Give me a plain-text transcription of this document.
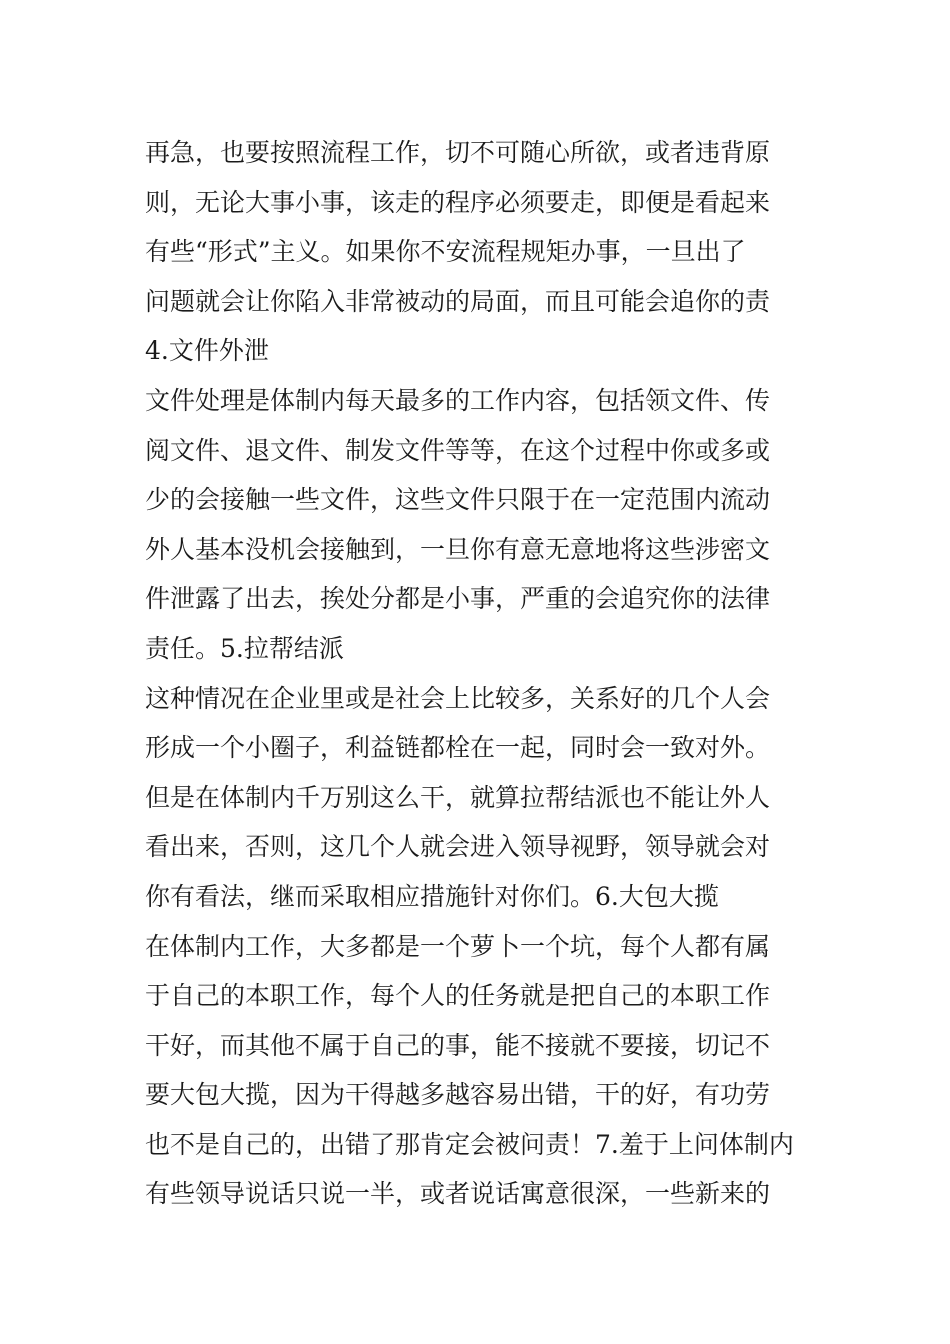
再急，也要按照流程工作，切不可随心所欲，或者违背原
则，无论大事小事，该走的程序必须要走，即便是看起来
有些“形式”主义。如果你不安流程规矩办事，一旦出了
问题就会让你陷入非常被动的局面，而且可能会追你的责
4.文件外泄
文件处理是体制内每天最多的工作内容，包括领文件、传
阅文件、退文件、制发文件等等，在这个过程中你或多或
少的会接触一些文件，这些文件只限于在一定范围内流动
外人基本没机会接触到，一旦你有意无意地将这些涉密文
件泄露了出去，挨处分都是小事，严重的会追究你的法律
责任。5.拉帮结派
这种情况在企业里或是社会上比较多，关系好的几个人会
形成一个小圈子，利益链都栓在一起，同时会一致对外。
但是在体制内千万别这么干，就算拉帮结派也不能让外人
看出来，否则，这几个人就会进入领导视野，领导就会对
你有看法，继而采取相应措施针对你们。6.大包大揽
在体制内工作，大多都是一个萝卜一个坑，每个人都有属
于自己的本职工作，每个人的任务就是把自己的本职工作
干好，而其他不属于自己的事，能不接就不要接，切记不
要大包大揽，因为干得越多越容易出错，干的好，有功劳
也不是自己的，出错了那肯定会被问责！7.羞于上问体制内
有些领导说话只说一半，或者说话寓意很深，一些新来的
